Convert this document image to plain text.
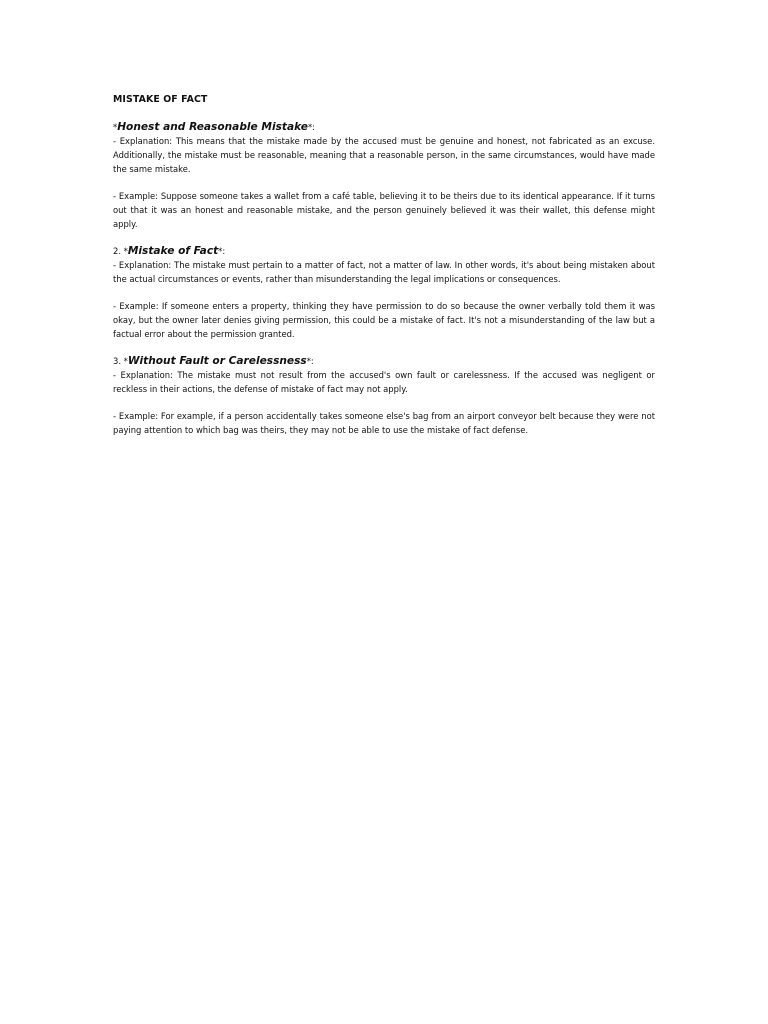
MISTAKE OF FACT

*Honest and Reasonable Mistake*:

- Explanation: This means that the mistake made by the accused must be genuine and honest, not fabricated as an excuse. Additionally, the mistake must be reasonable, meaning that a reasonable person, in the same circumstances, would have made the same mistake.

- Example: Suppose someone takes a wallet from a café table, believing it to be theirs due to its identical appearance. If it turns out that it was an honest and reasonable mistake, and the person genuinely believed it was their wallet, this defense might apply.

2. *Mistake of Fact*:

- Explanation: The mistake must pertain to a matter of fact, not a matter of law. In other words, it's about being mistaken about the actual circumstances or events, rather than misunderstanding the legal implications or consequences.

- Example: If someone enters a property, thinking they have permission to do so because the owner verbally told them it was okay, but the owner later denies giving permission, this could be a mistake of fact. It's not a misunderstanding of the law but a factual error about the permission granted.

3. *Without Fault or Carelessness*:

- Explanation: The mistake must not result from the accused's own fault or carelessness. If the accused was negligent or reckless in their actions, the defense of mistake of fact may not apply.

- Example: For example, if a person accidentally takes someone else's bag from an airport conveyor belt because they were not paying attention to which bag was theirs, they may not be able to use the mistake of fact defense.
